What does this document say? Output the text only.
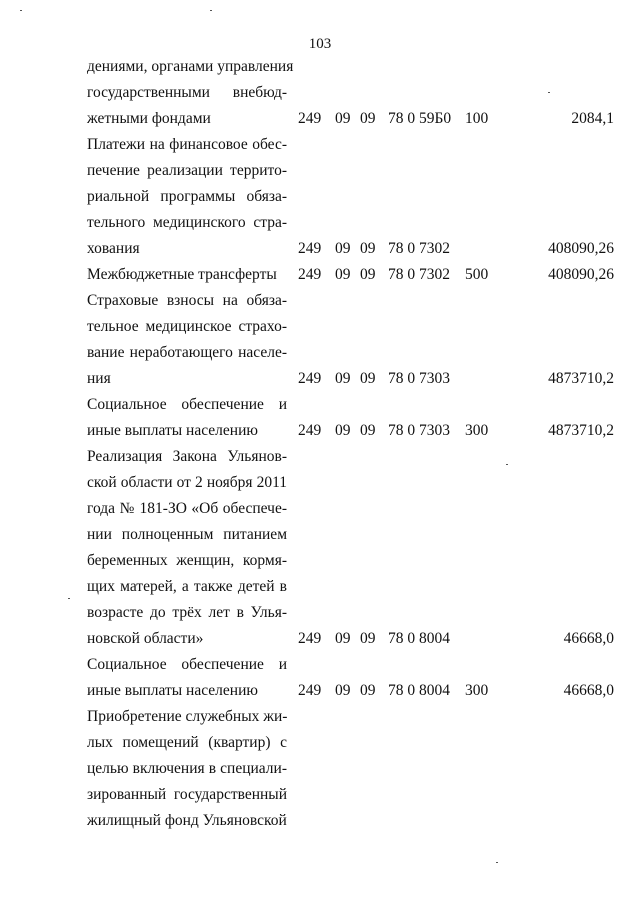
103
дениями, органами управления
государственными внебюд-
жетными фондами	249 09 09 78 0 59Б0 100	2084,1
Платежи на финансовое обес-
печение реализации террито-
риальной программы обяза-
тельного медицинского стра-
хования	249 09 09 78 0 7302	408090,26
Межбюджетные трансферты	249 09 09 78 0 7302 500	408090,26
Страховые взносы на обяза-
тельное медицинское страхо-
вание неработающего населе-
ния	249 09 09 78 0 7303	4873710,2
Социальное обеспечение и
иные выплаты населению	249 09 09 78 0 7303 300	4873710,2
Реализация Закона Ульянов-
ской области от 2 ноября 2011
года № 181-ЗО «Об обеспече-
нии полноценным питанием
беременных женщин, кормя-
щих матерей, а также детей в
возрасте до трёх лет в Улья-
новской области»	249 09 09 78 0 8004	46668,0
Социальное обеспечение и
иные выплаты населению	249 09 09 78 0 8004 300	46668,0
Приобретение служебных жи-
лых помещений (квартир) с
целью включения в специали-
зированный государственный
жилищный фонд Ульяновской
